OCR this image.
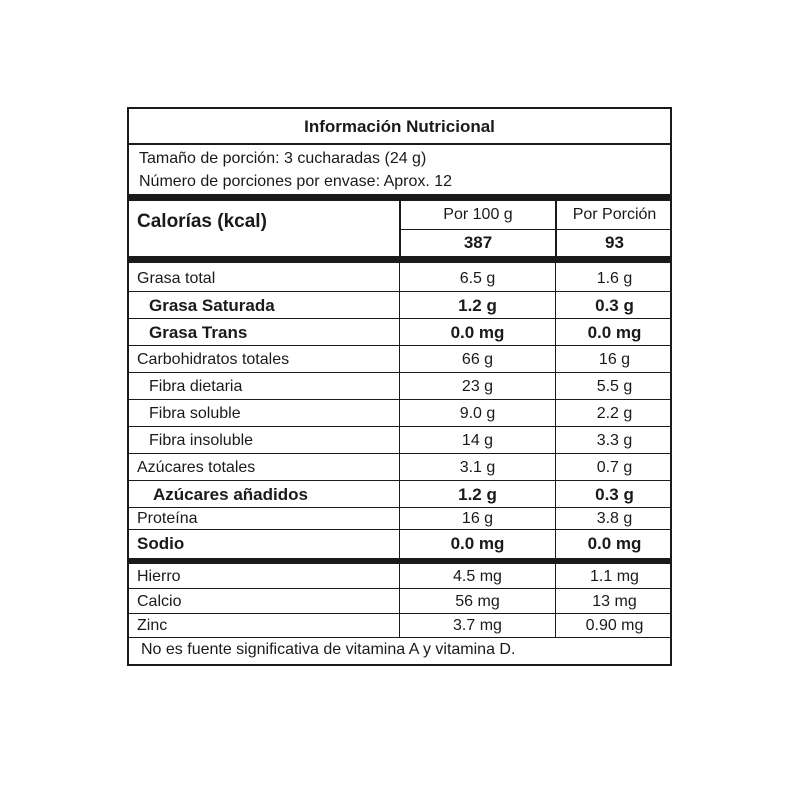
Información Nutricional
Tamaño de porción: 3 cucharadas (24 g)
Número de porciones por envase: Aprox. 12
Calorías (kcal)	Por 100 g	Por Porción
387	93
Grasa total	6.5 g	1.6 g
Grasa Saturada	1.2 g	0.3 g
Grasa Trans	0.0 mg	0.0 mg
Carbohidratos totales	66 g	16 g
Fibra dietaria	23 g	5.5 g
Fibra soluble	9.0 g	2.2 g
Fibra insoluble	14 g	3.3 g
Azúcares totales	3.1 g	0.7 g
Azúcares añadidos	1.2 g	0.3 g
Proteína	16 g	3.8 g
Sodio	0.0 mg	0.0 mg
Hierro	4.5 mg	1.1 mg
Calcio	56 mg	13 mg
Zinc	3.7 mg	0.90 mg
No es fuente significativa de vitamina A y vitamina D.
